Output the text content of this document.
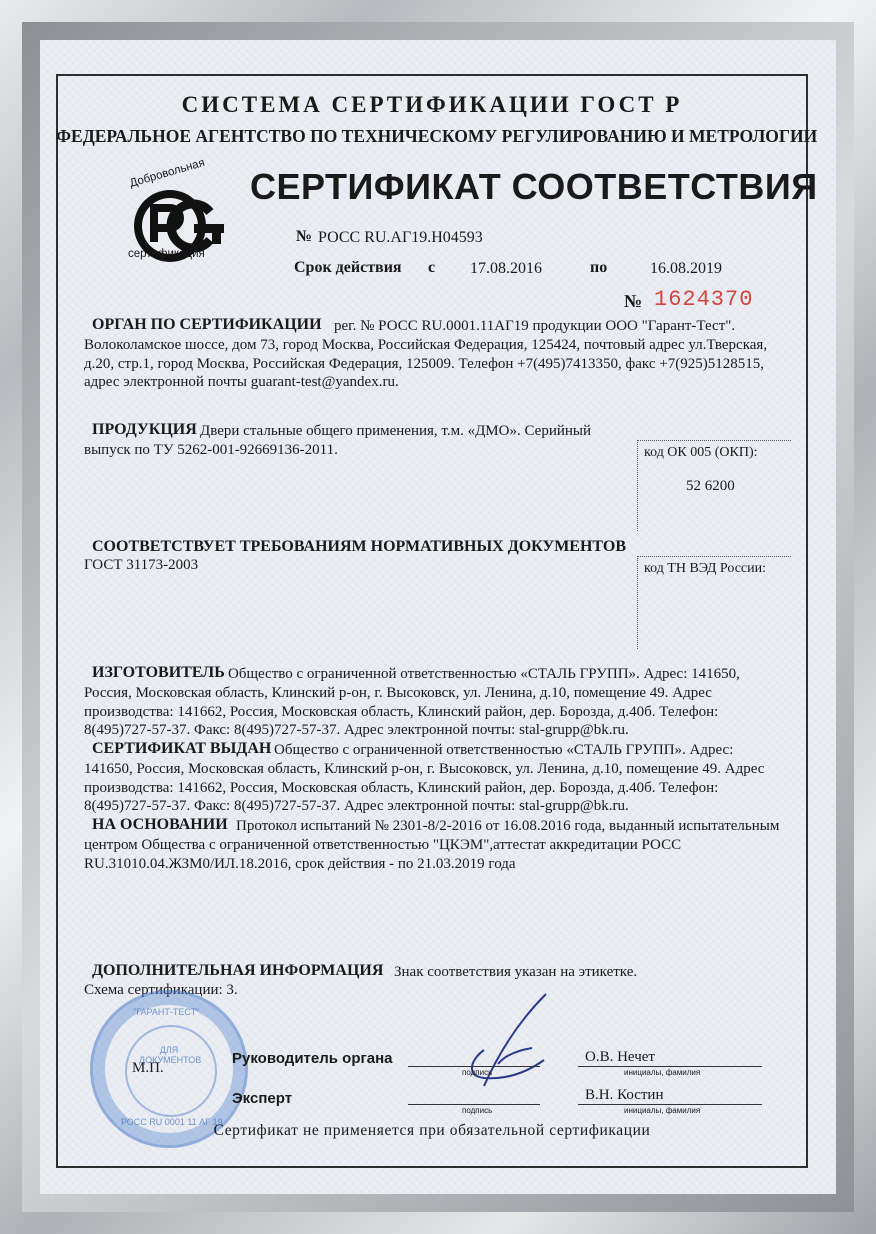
СИСТЕМА СЕРТИФИКАЦИИ ГОСТ Р
ФЕДЕРАЛЬНОЕ АГЕНТСТВО ПО ТЕХНИЧЕСКОМУ РЕГУЛИРОВАНИЮ И МЕТРОЛОГИИ
Добровольная
сертификация
СЕРТИФИКАТ СООТВЕТСТВИЯ
№ РОСС RU.АГ19.Н04593
Срок действия с 17.08.2016	по	16.08.2019
№ 1624370
ОРГАН ПО СЕРТИФИКАЦИИ рег. № РОСС RU.0001.11АГ19 продукции ООО "Гарант-Тест".
Волоколамское шоссе, дом 73, город Москва, Российская Федерация, 125424, почтовый адрес ул.Тверская,
д.20, стр.1, город Москва, Российская Федерация, 125009. Телефон +7(495)7413350, факс +7(925)5128515,
адрес электронной почты guarant-test@yandex.ru.
ПРОДУКЦИЯ Двери стальные общего применения, т.м. «ДМО». Серийный
выпуск по ТУ 5262-001-92669136-2011.	код ОК 005 (ОКП):
52 6200
СООТВЕТСТВУЕТ ТРЕБОВАНИЯМ НОРМАТИВНЫХ ДОКУМЕНТОВ
ГОСТ 31173-2003	код ТН ВЭД России:
ИЗГОТОВИТЕЛЬ Общество с ограниченной ответственностью «СТАЛЬ ГРУПП». Адрес: 141650,
Россия, Московская область, Клинский р-он, г. Высоковск, ул. Ленина, д.10, помещение 49. Адрес
производства: 141662, Россия, Московская область, Клинский район, дер. Борозда, д.40б. Телефон:
8(495)727-57-37. Факс: 8(495)727-57-37. Адрес электронной почты: stal-grupp@bk.ru.
СЕРТИФИКАТ ВЫДАН Общество с ограниченной ответственностью «СТАЛЬ ГРУПП». Адрес:
141650, Россия, Московская область, Клинский р-он, г. Высоковск, ул. Ленина, д.10, помещение 49. Адрес
производства: 141662, Россия, Московская область, Клинский район, дер. Борозда, д.40б. Телефон:
8(495)727-57-37. Факс: 8(495)727-57-37. Адрес электронной почты: stal-grupp@bk.ru.
НА ОСНОВАНИИ Протокол испытаний № 2301-8/2-2016 от 16.08.2016 года, выданный испытательным
центром Общества с ограниченной ответственностью "ЦКЭМ",аттестат аккредитации РОСС
RU.31010.04.ЖЗМ0/ИЛ.18.2016, срок действия - по 21.03.2019 года
ДОПОЛНИТЕЛЬНАЯ ИНФОРМАЦИЯ Знак соответствия указан на этикетке.
Схема сертификации: 3.
"ГАРАНТ-ТЕСТ"
ДЛЯ ДОКУМЕНТОВ
РОСС RU 0001 11 АГ 19
М.П.
Руководитель органа
подпись
О.В. Нечет
инициалы, фамилия
Эксперт
подпись
В.Н. Костин
инициалы, фамилия
Сертификат не применяется при обязательной сертификации
